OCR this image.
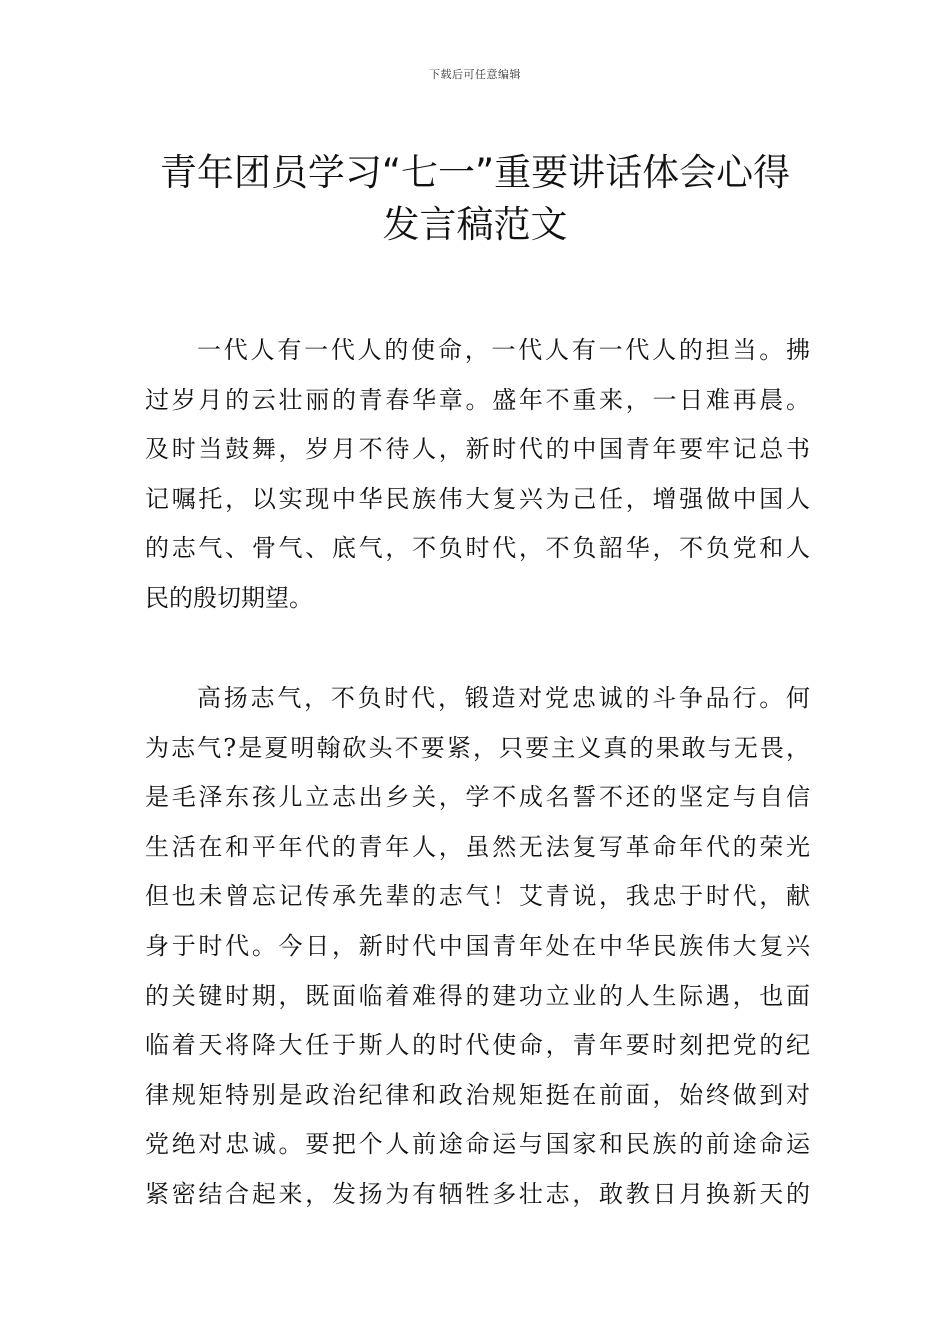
下载后可任意编辑
青年团员学习“七一”重要讲话体会心得
发言稿范文
一代人有一代人的使命，一代人有一代人的担当。拂
过岁月的云壮丽的青春华章。盛年不重来，一日难再晨。
及时当鼓舞，岁月不待人，新时代的中国青年要牢记总书
记嘱托，以实现中华民族伟大复兴为己任，增强做中国人
的志气、骨气、底气，不负时代，不负韶华，不负党和人
民的殷切期望。
高扬志气，不负时代，锻造对党忠诚的斗争品行。何
为志气?是夏明翰砍头不要紧，只要主义真的果敢与无畏，
是毛泽东孩儿立志出乡关，学不成名誓不还的坚定与自信
生活在和平年代的青年人，虽然无法复写革命年代的荣光
但也未曾忘记传承先辈的志气！艾青说，我忠于时代，献
身于时代。今日，新时代中国青年处在中华民族伟大复兴
的关键时期，既面临着难得的建功立业的人生际遇，也面
临着天将降大任于斯人的时代使命，青年要时刻把党的纪
律规矩特别是政治纪律和政治规矩挺在前面，始终做到对
党绝对忠诚。要把个人前途命运与国家和民族的前途命运
紧密结合起来，发扬为有牺牲多壮志，敢教日月换新天的
